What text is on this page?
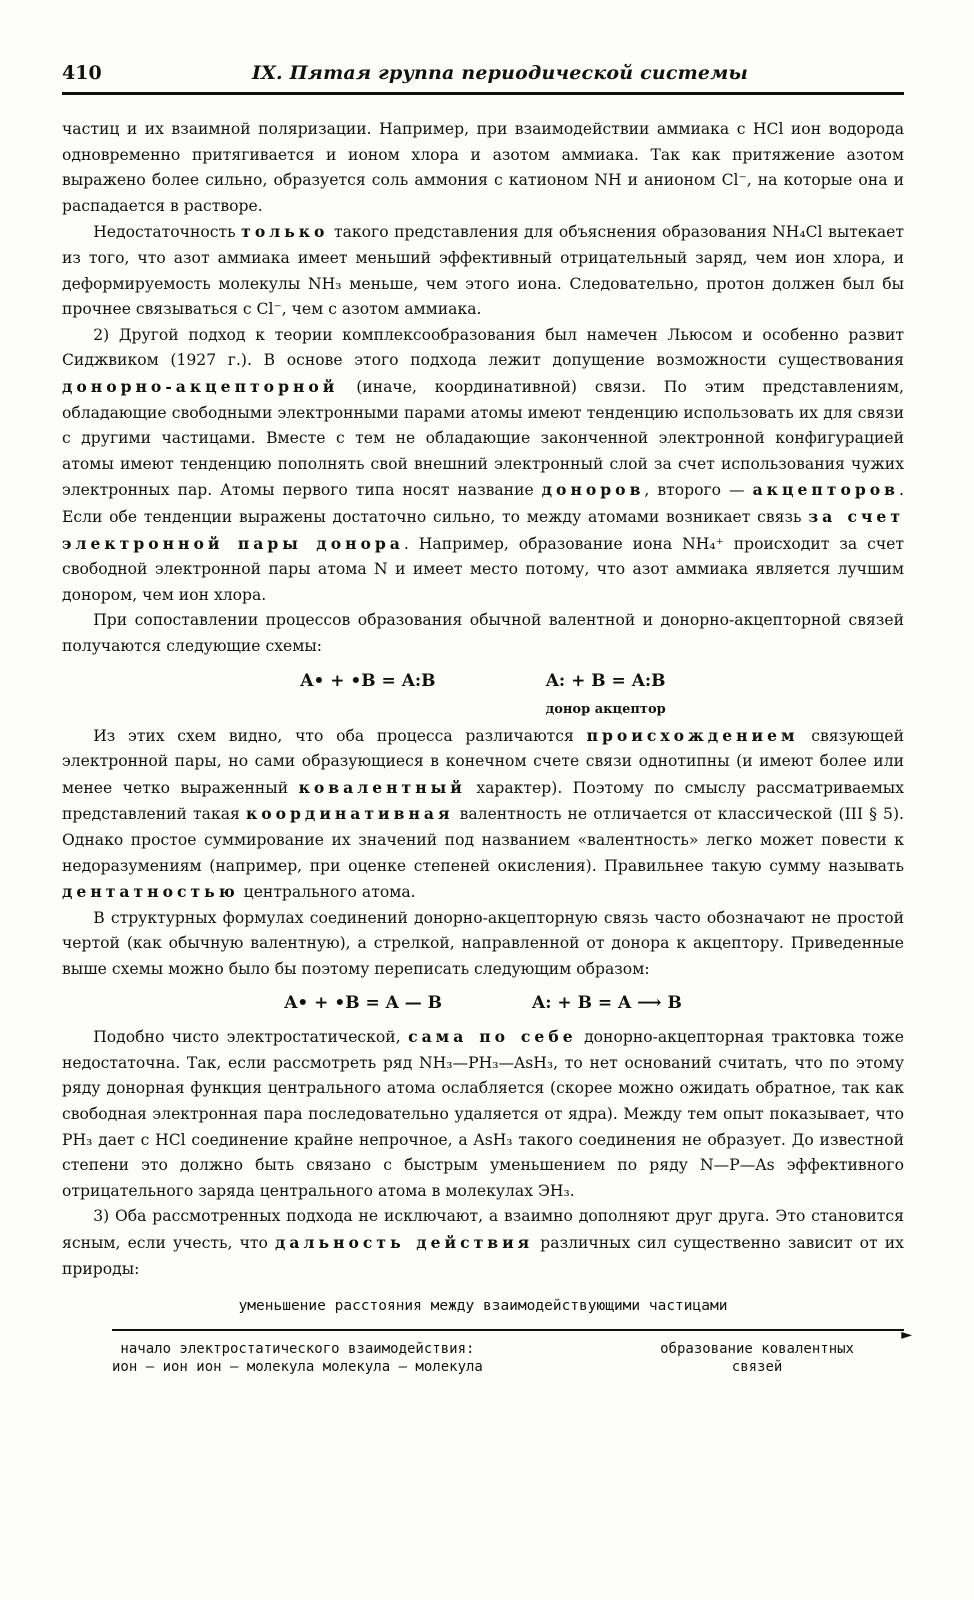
410	IX. Пятая группа периодической системы

частиц и их взаимной поляризации. Например, при взаимодействии аммиака с HCl ион водорода одновременно притягивается и ионом хлора и азотом аммиака. Так как притяжение азотом выражено более сильно, образуется соль аммония с катионом NH и анионом Cl⁻, на которые она и распадается в растворе.

Недостаточность только такого представления для объяснения образования NH₄Cl вытекает из того, что азот аммиака имеет меньший эффективный отрицательный заряд, чем ион хлора, и деформируемость молекулы NH₃ меньше, чем этого иона. Следовательно, протон должен был бы прочнее связываться с Cl⁻, чем с азотом аммиака.

2) Другой подход к теории комплексообразования был намечен Льюсом и особенно развит Сиджвиком (1927 г.). В основе этого подхода лежит допущение возможности существования донорно-акцепторной (иначе, координативной) связи. По этим представлениям, обладающие свободными электронными парами атомы имеют тенденцию использовать их для связи с другими частицами. Вместе с тем не обладающие законченной электронной конфигурацией атомы имеют тенденцию пополнять свой внешний электронный слой за счет использования чужих электронных пар. Атомы первого типа носят название доноров, второго — акцепторов. Если обе тенденции выражены достаточно сильно, то между атомами возникает связь за счет электронной пары донора. Например, образование иона NH₄⁺ происходит за счет свободной электронной пары атома N и имеет место потому, что азот аммиака является лучшим донором, чем ион хлора.

При сопоставлении процессов образования обычной валентной и донорно-акцепторной связей получаются следующие схемы:

A• + •B = A:B	A: + B = A:B
донор акцептор

Из этих схем видно, что оба процесса различаются происхождением связующей электронной пары, но сами образующиеся в конечном счете связи однотипны (и имеют более или менее четко выраженный ковалентный характер). Поэтому по смыслу рассматриваемых представлений такая координативная валентность не отличается от классической (III § 5). Однако простое суммирование их значений под названием «валентность» легко может повести к недоразумениям (например, при оценке степеней окисления). Правильнее такую сумму называть дентатностью центрального атома.

В структурных формулах соединений донорно-акцепторную связь часто обозначают не простой чертой (как обычную валентную), а стрелкой, направленной от донора к акцептору. Приведенные выше схемы можно было бы поэтому переписать следующим образом:

A• + •B = A — B	A: + B = A ⟶ B

Подобно чисто электростатической, сама по себе донорно-акцепторная трактовка тоже недостаточна. Так, если рассмотреть ряд NH₃—PH₃—AsH₃, то нет оснований считать, что по этому ряду донорная функция центрального атома ослабляется (скорее можно ожидать обратное, так как свободная электронная пара последовательно удаляется от ядра). Между тем опыт показывает, что PH₃ дает с HCl соединение крайне непрочное, а AsH₃ такого соединения не образует. До известной степени это должно быть связано с быстрым уменьшением по ряду N—P—As эффективного отрицательного заряда центрального атома в молекулах ЭН₃.

3) Оба рассмотренных подхода не исключают, а взаимно дополняют друг друга. Это становится ясным, если учесть, что дальность действия различных сил существенно зависит от их природы:

уменьшение расстояния между взаимодействующими частицами
►
начало электростатического взаимодействия:
ион — ион ион — молекула молекула — молекула
образование ковалентных
связей
